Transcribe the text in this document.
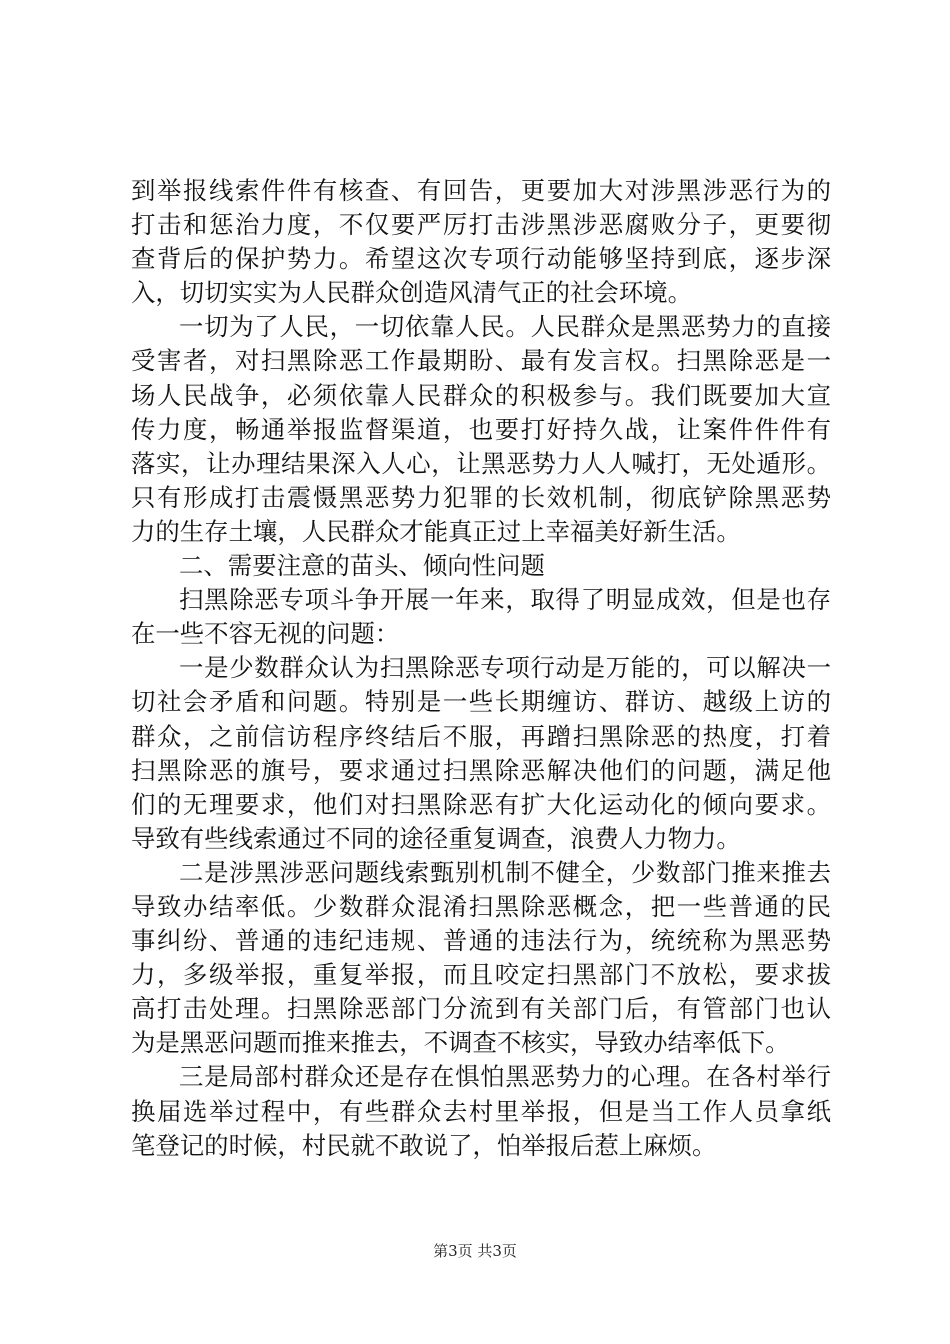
到举报线索件件有核查、有回告，更要加大对涉黑涉恶行为的
打击和惩治力度，不仅要严厉打击涉黑涉恶腐败分子，更要彻
查背后的保护势力。希望这次专项行动能够坚持到底，逐步深
入，切切实实为人民群众创造风清气正的社会环境。
一切为了人民，一切依靠人民。人民群众是黑恶势力的直接
受害者，对扫黑除恶工作最期盼、最有发言权。扫黑除恶是一
场人民战争，必须依靠人民群众的积极参与。我们既要加大宣
传力度，畅通举报监督渠道，也要打好持久战，让案件件件有
落实，让办理结果深入人心，让黑恶势力人人喊打，无处遁形。
只有形成打击震慑黑恶势力犯罪的长效机制，彻底铲除黑恶势
力的生存土壤，人民群众才能真正过上幸福美好新生活。
二、需要注意的苗头、倾向性问题
扫黑除恶专项斗争开展一年来，取得了明显成效，但是也存
在一些不容无视的问题：
一是少数群众认为扫黑除恶专项行动是万能的，可以解决一
切社会矛盾和问题。特别是一些长期缠访、群访、越级上访的
群众，之前信访程序终结后不服，再蹭扫黑除恶的热度，打着
扫黑除恶的旗号，要求通过扫黑除恶解决他们的问题，满足他
们的无理要求，他们对扫黑除恶有扩大化运动化的倾向要求。
导致有些线索通过不同的途径重复调查，浪费人力物力。
二是涉黑涉恶问题线索甄别机制不健全，少数部门推来推去
导致办结率低。少数群众混淆扫黑除恶概念，把一些普通的民
事纠纷、普通的违纪违规、普通的违法行为，统统称为黑恶势
力，多级举报，重复举报，而且咬定扫黑部门不放松，要求拔
高打击处理。扫黑除恶部门分流到有关部门后，有管部门也认
为是黑恶问题而推来推去，不调查不核实，导致办结率低下。
三是局部村群众还是存在惧怕黑恶势力的心理。在各村举行
换届选举过程中，有些群众去村里举报，但是当工作人员拿纸
笔登记的时候，村民就不敢说了，怕举报后惹上麻烦。
第3页 共3页
